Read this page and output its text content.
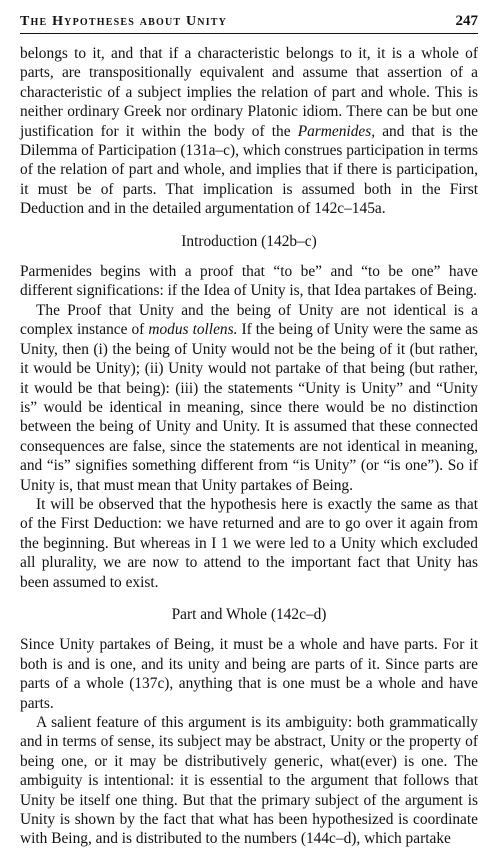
The Hypotheses about Unity	247

belongs to it, and that if a characteristic belongs to it, it is a whole of parts, are transpositionally equivalent and assume that assertion of a characteristic of a subject implies the relation of part and whole. This is neither ordinary Greek nor ordinary Platonic idiom. There can be but one justification for it within the body of the Parmenides, and that is the Dilemma of Participation (131a–c), which construes participation in terms of the relation of part and whole, and implies that if there is participation, it must be of parts. That implication is assumed both in the First Deduction and in the detailed argumentation of 142c–145a.

Introduction (142b–c)

Parmenides begins with a proof that “to be” and “to be one” have different significations: if the Idea of Unity is, that Idea partakes of Being.

The Proof that Unity and the being of Unity are not identical is a complex instance of modus tollens. If the being of Unity were the same as Unity, then (i) the being of Unity would not be the being of it (but rather, it would be Unity); (ii) Unity would not partake of that being (but rather, it would be that being): (iii) the statements “Unity is Unity” and “Unity is” would be identical in meaning, since there would be no distinction between the being of Unity and Unity. It is assumed that these connected consequences are false, since the statements are not identical in meaning, and “is” signifies something different from “is Unity” (or “is one”). So if Unity is, that must mean that Unity partakes of Being.

It will be observed that the hypothesis here is exactly the same as that of the First Deduction: we have returned and are to go over it again from the beginning. But whereas in I 1 we were led to a Unity which excluded all plurality, we are now to attend to the important fact that Unity has been assumed to exist.

Part and Whole (142c–d)

Since Unity partakes of Being, it must be a whole and have parts. For it both is and is one, and its unity and being are parts of it. Since parts are parts of a whole (137c), anything that is one must be a whole and have parts.

A salient feature of this argument is its ambiguity: both grammatically and in terms of sense, its subject may be abstract, Unity or the property of being one, or it may be distributively generic, what(ever) is one. The ambiguity is intentional: it is essential to the argument that follows that Unity be itself one thing. But that the primary subject of the argument is Unity is shown by the fact that what has been hypothesized is coordinate with Being, and is distributed to the numbers (144c–d), which partake
